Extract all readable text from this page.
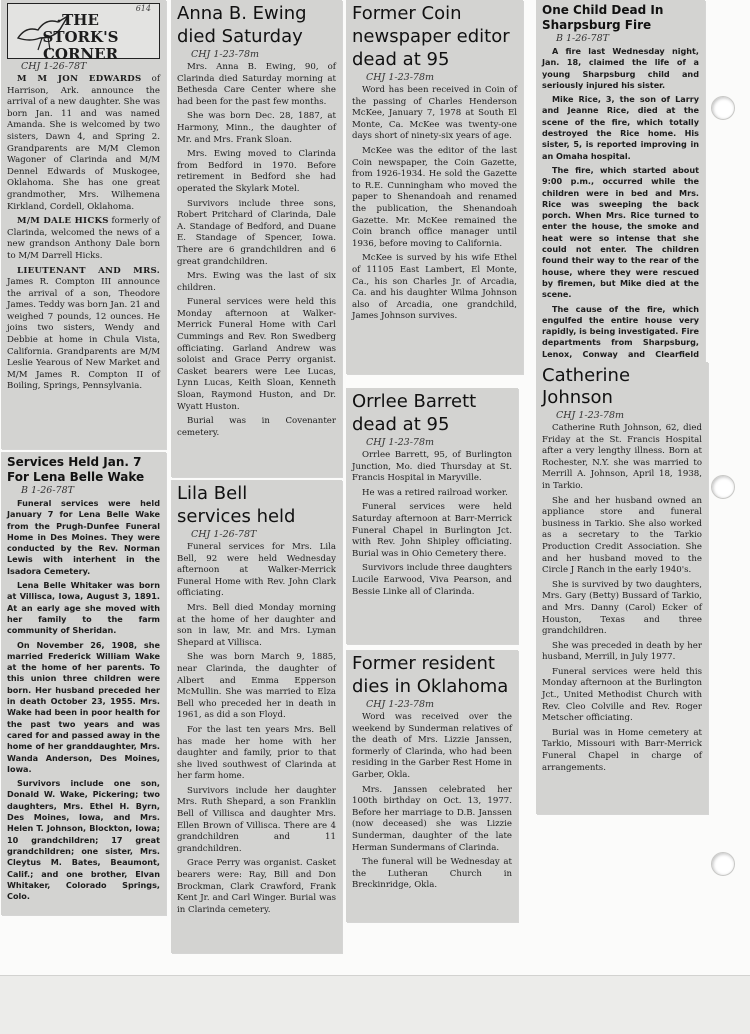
614
THE
STORK'S CORNER
CHJ 1-26-78T

M M JON EDWARDS of Harrison, Ark. announce the arrival of a new daughter. She was born Jan. 11 and was named Amanda. She is welcomed by two sisters, Dawn 4, and Spring 2. Grandparents are M/M Clemon Wagoner of Clarinda and M/M Dennel Edwards of Muskogee, Oklahoma. She has one great grandmother, Mrs. Wilhemena Kirkland, Cordell, Oklahoma.

M/M DALE HICKS formerly of Clarinda, welcomed the news of a new grandson Anthony Dale born to M/M Darrell Hicks.

LIEUTENANT AND MRS. James R. Compton III announce the arrival of a son, Theodore James. Teddy was born Jan. 21 and weighed 7 pounds, 12 ounces. He joins two sisters, Wendy and Debbie at home in Chula Vista, California. Grandparents are M/M Leslie Yearous of New Market and M/M James R. Compton II of Boiling, Springs, Pennsylvania.

Services Held Jan. 7
For Lena Belle Wake
B 1-26-78T

Funeral services were held January 7 for Lena Belle Wake from the Prugh-Dunfee Funeral Home in Des Moines. They were conducted by the Rev. Norman Lewis with interhent in the Isadora Cemetery.

Lena Belle Whitaker was born at Villisca, Iowa, August 3, 1891. At an early age she moved with her family to the farm community of Sheridan.

On November 26, 1908, she married Frederick William Wake at the home of her parents. To this union three children were born. Her husband preceded her in death October 23, 1955. Mrs. Wake had been in poor health for the past two years and was cared for and passed away in the home of her granddaughter, Mrs. Wanda Anderson, Des Moines, Iowa.

Survivors include one son, Donald W. Wake, Pickering; two daughters, Mrs. Ethel H. Byrn, Des Moines, Iowa, and Mrs. Helen T. Johnson, Blockton, Iowa; 10 grandchildren; 17 great grandchildren; one sister, Mrs. Cleytus M. Bates, Beaumont, Calif.; and one brother, Elvan Whitaker, Colorado Springs, Colo.

Anna B. Ewing
died Saturday
CHJ 1-23-78m

Mrs. Anna B. Ewing, 90, of Clarinda died Saturday morning at Bethesda Care Center where she had been for the past few months.

She was born Dec. 28, 1887, at Harmony, Minn., the daughter of Mr. and Mrs. Frank Sloan.

Mrs. Ewing moved to Clarinda from Bedford in 1970. Before retirement in Bedford she had operated the Skylark Motel.

Survivors include three sons, Robert Pritchard of Clarinda, Dale A. Standage of Bedford, and Duane E. Standage of Spencer, Iowa. There are 6 grandchildren and 6 great grandchildren.

Mrs. Ewing was the last of six children.

Funeral services were held this Monday afternoon at Walker-Merrick Funeral Home with Carl Cummings and Rev. Ron Swedberg officiating. Garland Andrew was soloist and Grace Perry organist. Casket bearers were Lee Lucas, Lynn Lucas, Keith Sloan, Kenneth Sloan, Raymond Huston, and Dr. Wyatt Huston.

Burial was in Covenanter cemetery.

Lila Bell
services held
CHJ 1-26-78T

Funeral services for Mrs. Lila Bell, 92 were held Wednesday afternoon at Walker-Merrick Funeral Home with Rev. John Clark officiating.

Mrs. Bell died Monday morning at the home of her daughter and son in law, Mr. and Mrs. Lyman Shepard at Villisca.

She was born March 9, 1885, near Clarinda, the daughter of Albert and Emma Epperson McMullin. She was married to Elza Bell who preceded her in death in 1961, as did a son Floyd.

For the last ten years Mrs. Bell has made her home with her daughter and family, prior to that she lived southwest of Clarinda at her farm home.

Survivors include her daughter Mrs. Ruth Shepard, a son Franklin Bell of Villisca and daughter Mrs. Ellen Brown of Villisca. There are 4 grandchildren and 11 grandchildren.

Grace Perry was organist. Casket bearers were: Ray, Bill and Don Brockman, Clark Crawford, Frank Kent Jr. and Carl Winger. Burial was in Clarinda cemetery.

Former Coin
newspaper editor
dead at 95
CHJ 1-23-78m

Word has been received in Coin of the passing of Charles Henderson McKee, January 7, 1978 at South El Monte, Ca. McKee was twenty-one days short of ninety-six years of age.

McKee was the editor of the last Coin newspaper, the Coin Gazette, from 1926-1934. He sold the Gazette to R.E. Cunningham who moved the paper to Shenandoah and renamed the publication, the Shenandoah Gazette. Mr. McKee remained the Coin branch office manager until 1936, before moving to California.

McKee is surved by his wife Ethel of 11105 East Lambert, El Monte, Ca., his son Charles Jr. of Arcadia, Ca. and his daughter Wilma Johnson also of Arcadia, one grandchild, James Johnson survives.

Orrlee Barrett
dead at 95
CHJ 1-23-78m

Orrlee Barrett, 95, of Burlington Junction, Mo. died Thursday at St. Francis Hospital in Maryville.

He was a retired railroad worker.

Funeral services were held Saturday afternoon at Barr-Merrick Funeral Chapel in Burlington Jct. with Rev. John Shipley officiating. Burial was in Ohio Cemetery there.

Survivors include three daughters Lucile Earwood, Viva Pearson, and Bessie Linke all of Clarinda.

Former resident
dies in Oklahoma
CHJ 1-23-78m

Word was received over the weekend by Sunderman relatives of the death of Mrs. Lizzie Janssen, formerly of Clarinda, who had been residing in the Garber Rest Home in Garber, Okla.

Mrs. Janssen celebrated her 100th birthday on Oct. 13, 1977. Before her marriage to D.B. Janssen (now deceased) she was Lizzie Sunderman, daughter of the late Herman Sundermans of Clarinda.

The funeral will be Wednesday at the Lutheran Church in Breckinridge, Okla.

One Child Dead In
Sharpsburg Fire
B 1-26-78T

A fire last Wednesday night, Jan. 18, claimed the life of a young Sharpsburg child and seriously injured his sister.

Mike Rice, 3, the son of Larry and Jeanne Rice, died at the scene of the fire, which totally destroyed the Rice home. His sister, 5, is reported improving in an Omaha hospital.

The fire, which started about 9:00 p.m., occurred while the children were in bed and Mrs. Rice was sweeping the back porch. When Mrs. Rice turned to enter the house, the smoke and heat were so intense that she could not enter. The children found their way to the rear of the house, where they were rescued by firemen, but Mike died at the scene.

The cause of the fire, which engulfed the entire house very rapidly, is being investigated. Fire departments from Sharpsburg, Lenox, Conway and Clearfield

Catherine Johnson
CHJ 1-23-78m

Catherine Ruth Johnson, 62, died Friday at the St. Francis Hospital after a very lengthy illness. Born at Rochester, N.Y. she was married to Merrill A. Johnson, April 18, 1938, in Tarkio.

She and her husband owned an appliance store and funeral business in Tarkio. She also worked as a secretary to the Tarkio Production Credit Association. She and her husband moved to the Circle J Ranch in the early 1940's.

She is survived by two daughters, Mrs. Gary (Betty) Bussard of Tarkio, and Mrs. Danny (Carol) Ecker of Houston, Texas and three grandchildren.

She was preceded in death by her husband, Merrill, in July 1977.

Funeral services were held this Monday afternoon at the Burlington Jct., United Methodist Church with Rev. Cleo Colville and Rev. Roger Metscher officiating.

Burial was in Home cemetery at Tarkio, Missouri with Barr-Merrick Funeral Chapel in charge of arrangements.
